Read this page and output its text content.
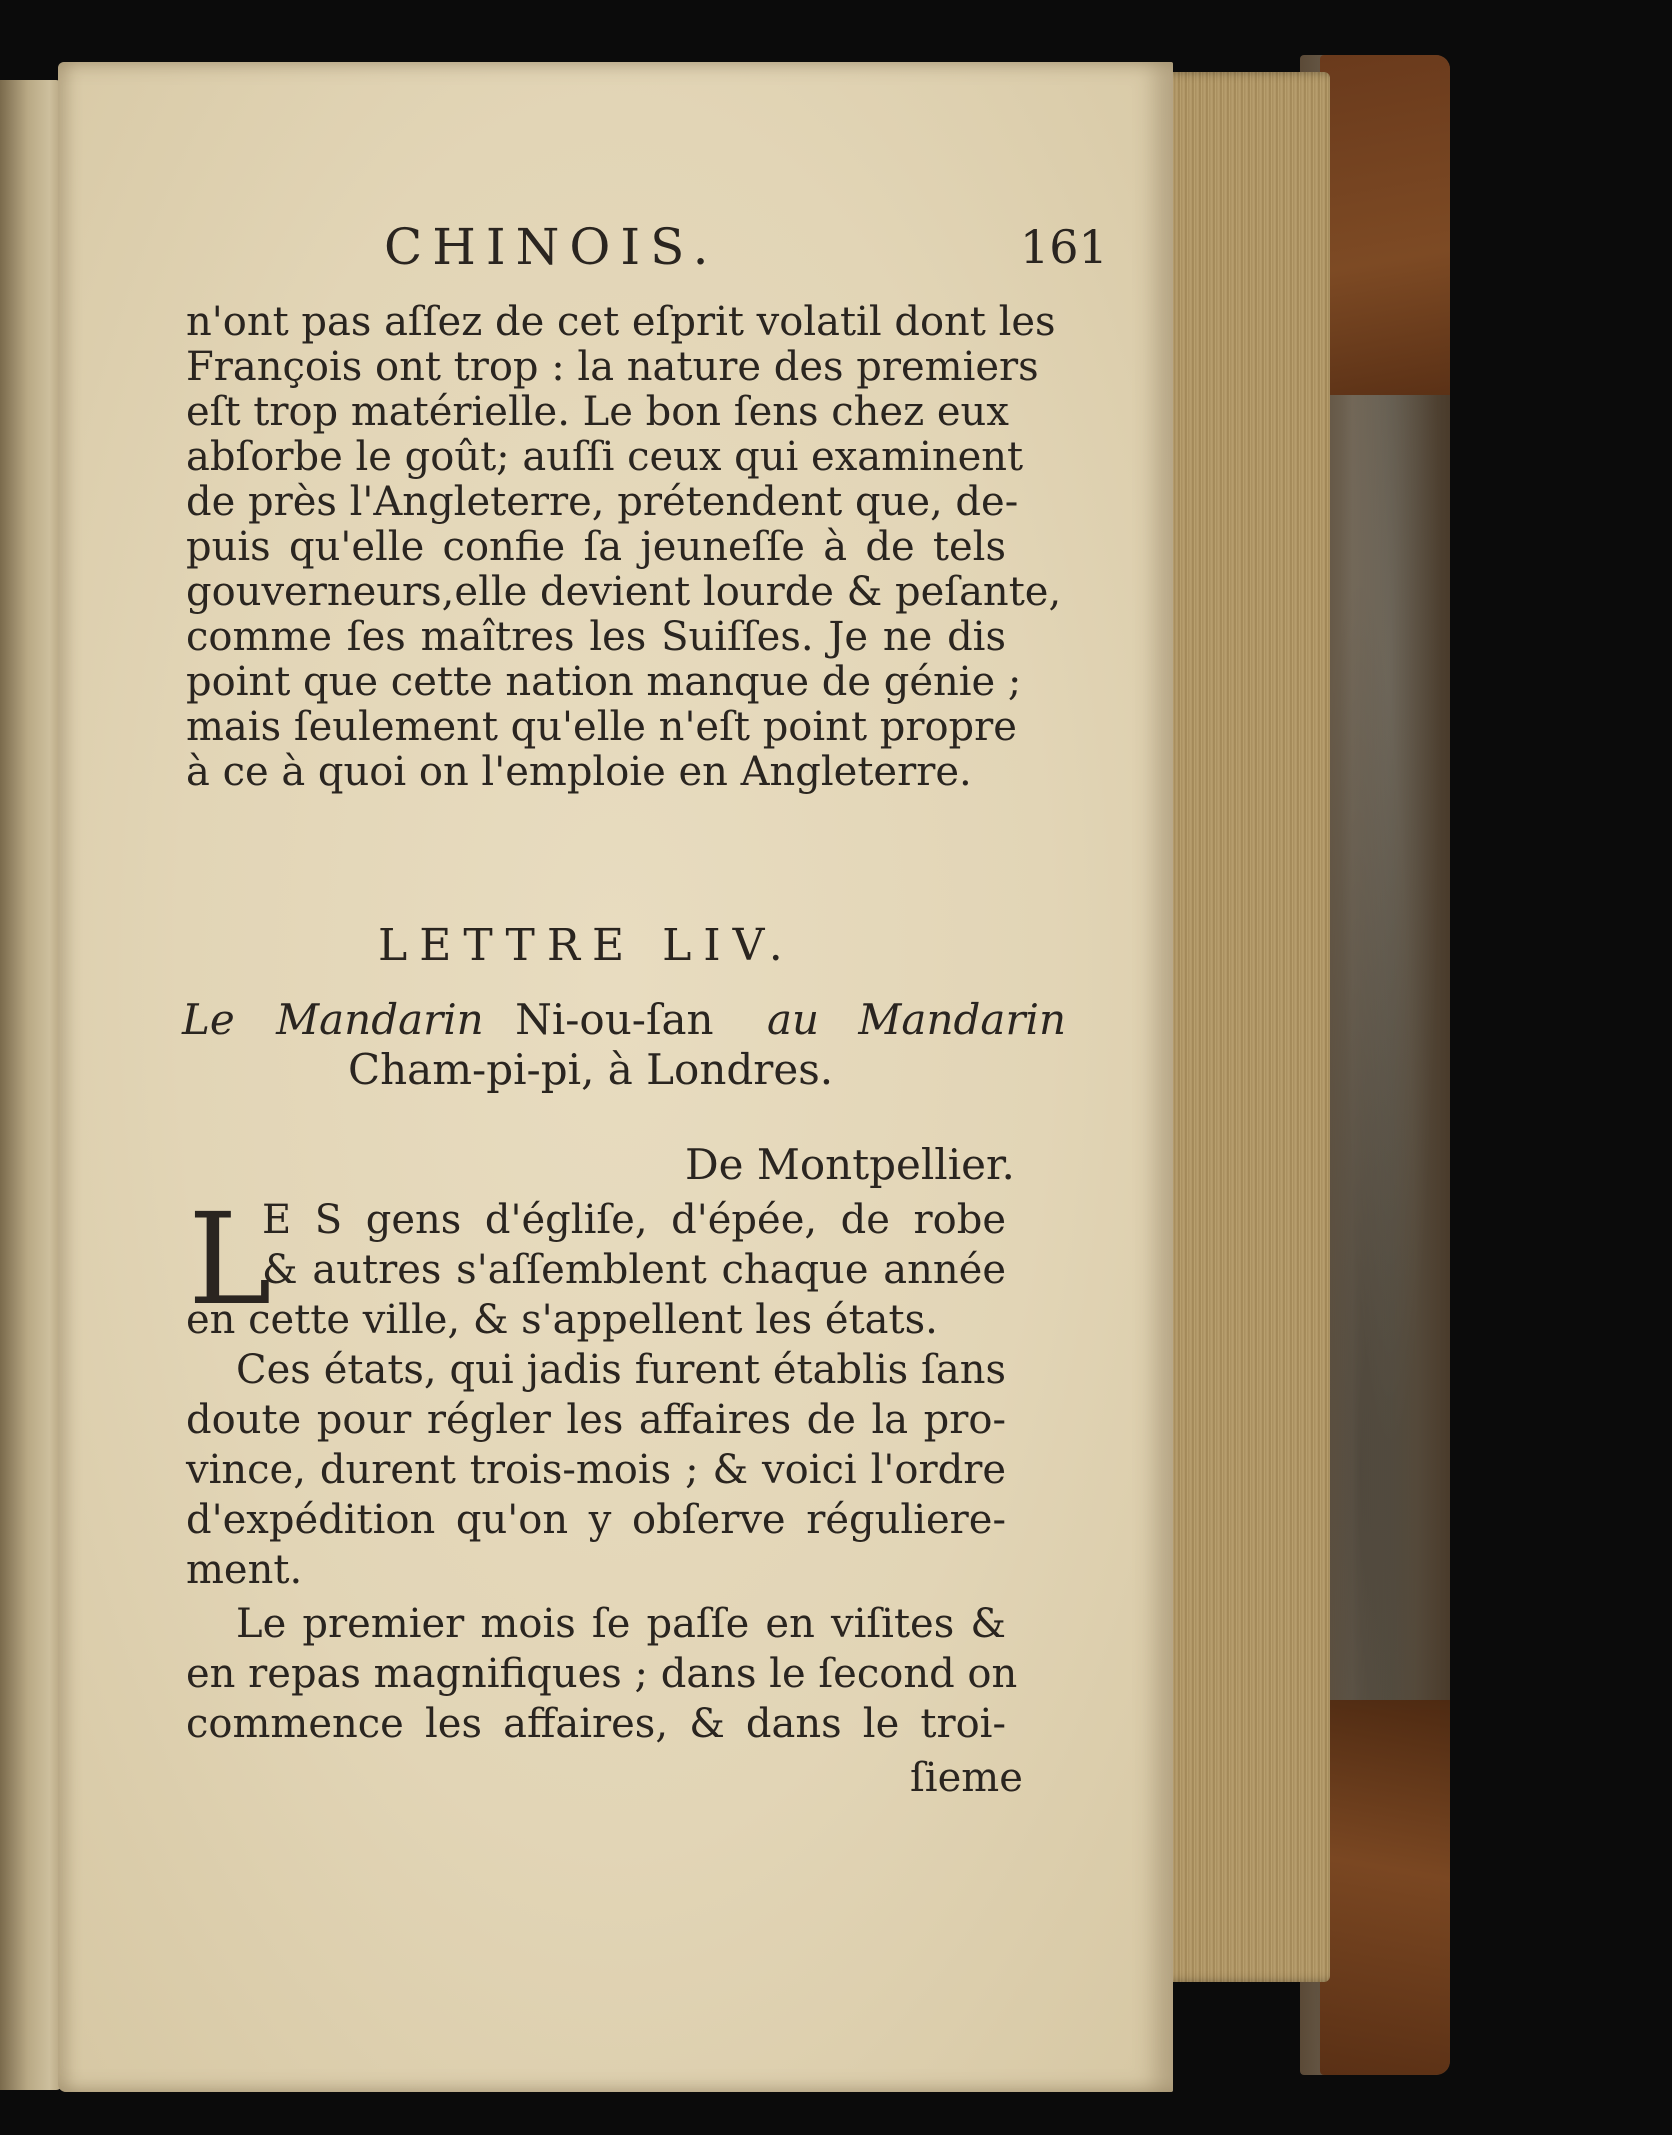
CHINOIS.	161
n'ont pas aſſez de cet eſprit volatil dont les
François ont trop : la nature des premiers
eſt trop matérielle. Le bon ſens chez eux
abſorbe le goût; auſſi ceux qui examinent
de près l'Angleterre, prétendent que, de-
puis qu'elle confie ſa jeuneſſe à de tels
gouverneurs,elle devient lourde & peſante,
comme ſes maîtres les Suiſſes. Je ne dis
point que cette nation manque de génie ;
mais ſeulement qu'elle n'eſt point propre
à ce à quoi on l'emploie en Angleterre.
LETTRE LIV.
Le Mandarin Ni-ou-ſan au Mandarin
Cham-pi-pi, à Londres.
De Montpellier.
L
E S gens d'égliſe, d'épée, de robe
& autres s'aſſemblent chaque année
en cette ville, & s'appellent les états.
Ces états, qui jadis furent établis ſans
doute pour régler les affaires de la pro-
vince, durent trois-mois ; & voici l'ordre
d'expédition qu'on y obſerve réguliere-
ment.
Le premier mois ſe paſſe en viſites &
en repas magnifiques ; dans le ſecond on
commence les affaires, & dans le troi-
ſieme
